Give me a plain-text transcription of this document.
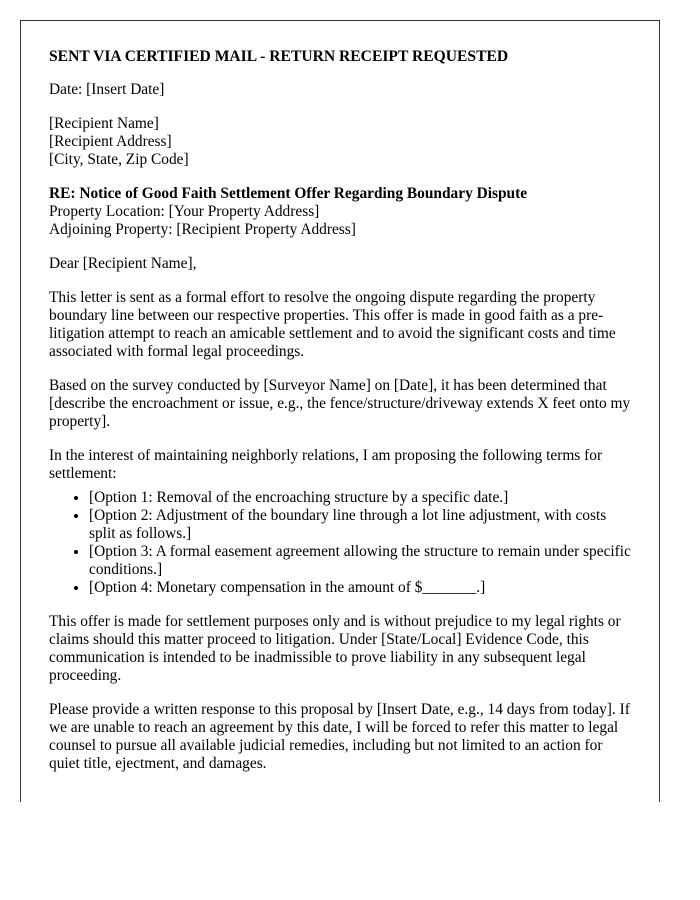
SENT VIA CERTIFIED MAIL - RETURN RECEIPT REQUESTED

Date: [Insert Date]

[Recipient Name]
[Recipient Address]
[City, State, Zip Code]
RE: Notice of Good Faith Settlement Offer Regarding Boundary Dispute
Property Location: [Your Property Address]
Adjoining Property: [Recipient Property Address]

Dear [Recipient Name],

This letter is sent as a formal effort to resolve the ongoing dispute regarding the property boundary line between our respective properties. This offer is made in good faith as a pre-litigation attempt to reach an amicable settlement and to avoid the significant costs and time associated with formal legal proceedings.

Based on the survey conducted by [Surveyor Name] on [Date], it has been determined that [describe the encroachment or issue, e.g., the fence/structure/driveway extends X feet onto my property].

In the interest of maintaining neighborly relations, I am proposing the following terms for settlement:

• [Option 1: Removal of the encroaching structure by a specific date.]
• [Option 2: Adjustment of the boundary line through a lot line adjustment, with costs split as follows.]
• [Option 3: A formal easement agreement allowing the structure to remain under specific conditions.]
• [Option 4: Monetary compensation in the amount of $_______.]

This offer is made for settlement purposes only and is without prejudice to my legal rights or claims should this matter proceed to litigation. Under [State/Local] Evidence Code, this communication is intended to be inadmissible to prove liability in any subsequent legal proceeding.

Please provide a written response to this proposal by [Insert Date, e.g., 14 days from today]. If we are unable to reach an agreement by this date, I will be forced to refer this matter to legal counsel to pursue all available judicial remedies, including but not limited to an action for quiet title, ejectment, and damages.
